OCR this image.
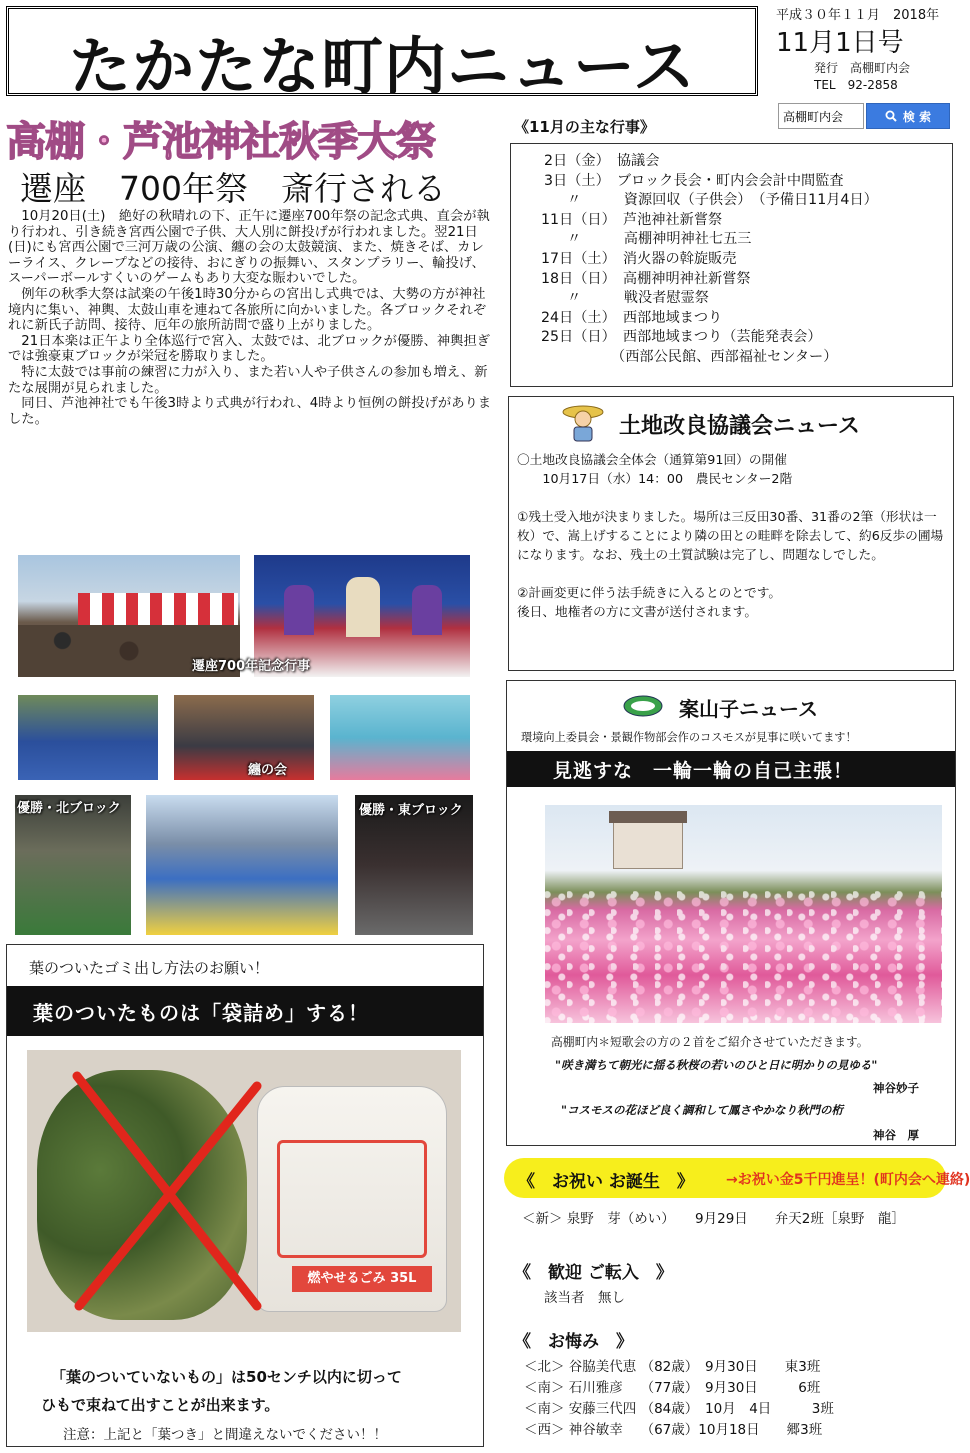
たかたな町内ニュース
平成３０年１１月　2018年
11月1日号
発行　高棚町内会
TEL　92-2858
高棚町内会
検 索
高棚・芦池神社秋季大祭
遷座　700年祭　斎行される

10月20日(土)　絶好の秋晴れの下、正午に遷座700年祭の記念式典、直会が執り行われ、引き続き宮西公園で子供、大人別に餅投げが行われました。翌21日(日)にも宮西公園で三河万歳の公演、纏の会の太鼓競演、また、焼きそば、カレーライス、クレープなどの接待、おにぎりの振舞い、スタンプラリー、輪投げ、スーパーボールすくいのゲームもあり大変な賑わいでした。

例年の秋季大祭は試楽の午後1時30分からの宮出し式典では、大勢の方が神社境内に集い、神輿、太鼓山車を連ねて各旅所に向かいました。各ブロックそれぞれに新氏子訪問、接待、厄年の旅所訪問で盛り上がりました。

21日本楽は正午より全体巡行で宮入、太鼓では、北ブロックが優勝、神輿担ぎでは強豪東ブロックが栄冠を勝取りました。

特に太鼓では事前の練習に力が入り、また若い人や子供さんの参加も増え、新たな展開が見られました。

同日、芦池神社でも午後3時より式典が行われ、4時より恒例の餅投げがありました。

遷座700年記念行事
纏の会
優勝・北ブロック	優勝・東ブロック
《11月の主な行事》
2日（金）　協議会
3日（土）　ブロック長会・町内会会計中間監査
〃　　　資源回収（子供会）　（予備日11月4日）
11日（日）　芦池神社新嘗祭
〃　　　高棚神明神社七五三
17日（土）　消火器の斡旋販売
18日（日）　高棚神明神社新嘗祭
〃　　　戦没者慰霊祭
24日（土）　西部地域まつり
25日（日）　西部地域まつり（芸能発表会）
（西部公民館、西部福祉センター）
土地改良協議会ニュース
〇土地改良協議会全体会（通算第91回）の開催
　　10月17日（水）14：00　農民センター2階
①残土受入地が決まりました。場所は三反田30番、31番の2筆（形状は一枚）で、嵩上げすることにより隣の田との畦畔を除去して、約6反歩の圃場になります。なお、残土の土質試験は完了し、問題なしでした。
②計画変更に伴う法手続きに入るとのとです。
後日、地権者の方に文書が送付されます。
案山子ニュース
環境向上委員会・景観作物部会作のコスモスが見事に咲いてます！
見逃すな　一輪一輪の自己主張！
高棚町内＊短歌会の方の２首をご紹介させていただきます。
"咲き満ちて朝光に揺る秋桜の若いのひと日に明かりの見ゆる"
神谷妙子
"コスモスの花ほど良く調和して鳳さやかなり秋門の桁
神谷　厚
《　お祝い お誕生　》 →お祝い金5千円進呈！(町内会へ連絡)
＜新＞ 泉野　芽（めい）　　9月29日　　弁天2班［泉野　龍］
《　歓迎 ご転入　》
該当者　無し
《　お悔み　》
＜北＞ 谷脇美代恵 （82歳）　9月30日　　東3班
＜南＞ 石川雅彦　 （77歳）　9月30日　　　6班
＜南＞ 安藤三代四 （84歳）　10月　4日　　　3班
＜西＞ 神谷敏幸　 （67歳）10月18日　　郷3班
葉のついたゴミ出し方法のお願い！
葉のついたものは「袋詰め」する！
燃やせるごみ 35L
「葉のついていないもの」は50センチ以内に切って
ひもで束ねて出すことが出来ます。
注意：上記と「葉つき」と間違えないでください！！
